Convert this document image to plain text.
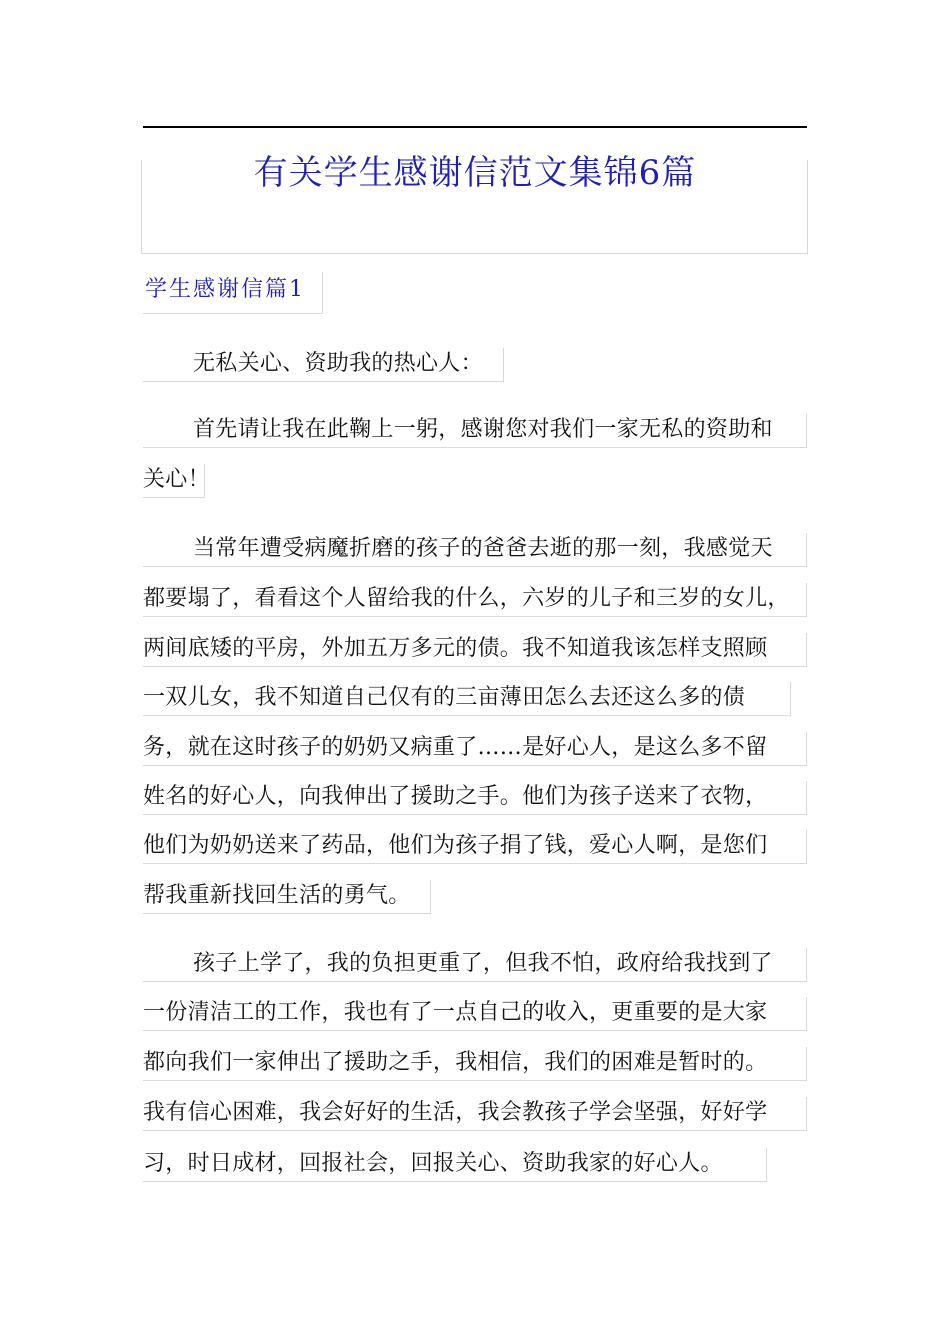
有关学生感谢信范文集锦6篇
学生感谢信篇1
无私关心、资助我的热心人：
首先请让我在此鞠上一躬，感谢您对我们一家无私的资助和
关心！
当常年遭受病魔折磨的孩子的爸爸去逝的那一刻，我感觉天
都要塌了，看看这个人留给我的什么，六岁的儿子和三岁的女儿，
两间底矮的平房，外加五万多元的债。我不知道我该怎样支照顾
一双儿女，我不知道自己仅有的三亩薄田怎么去还这么多的债
务，就在这时孩子的奶奶又病重了……是好心人，是这么多不留
姓名的好心人，向我伸出了援助之手。他们为孩子送来了衣物，
他们为奶奶送来了药品，他们为孩子捐了钱，爱心人啊，是您们
帮我重新找回生活的勇气。
孩子上学了，我的负担更重了，但我不怕，政府给我找到了
一份清洁工的工作，我也有了一点自己的收入，更重要的是大家
都向我们一家伸出了援助之手，我相信，我们的困难是暂时的。
我有信心困难，我会好好的生活，我会教孩子学会坚强，好好学
习，时日成材，回报社会，回报关心、资助我家的好心人。
